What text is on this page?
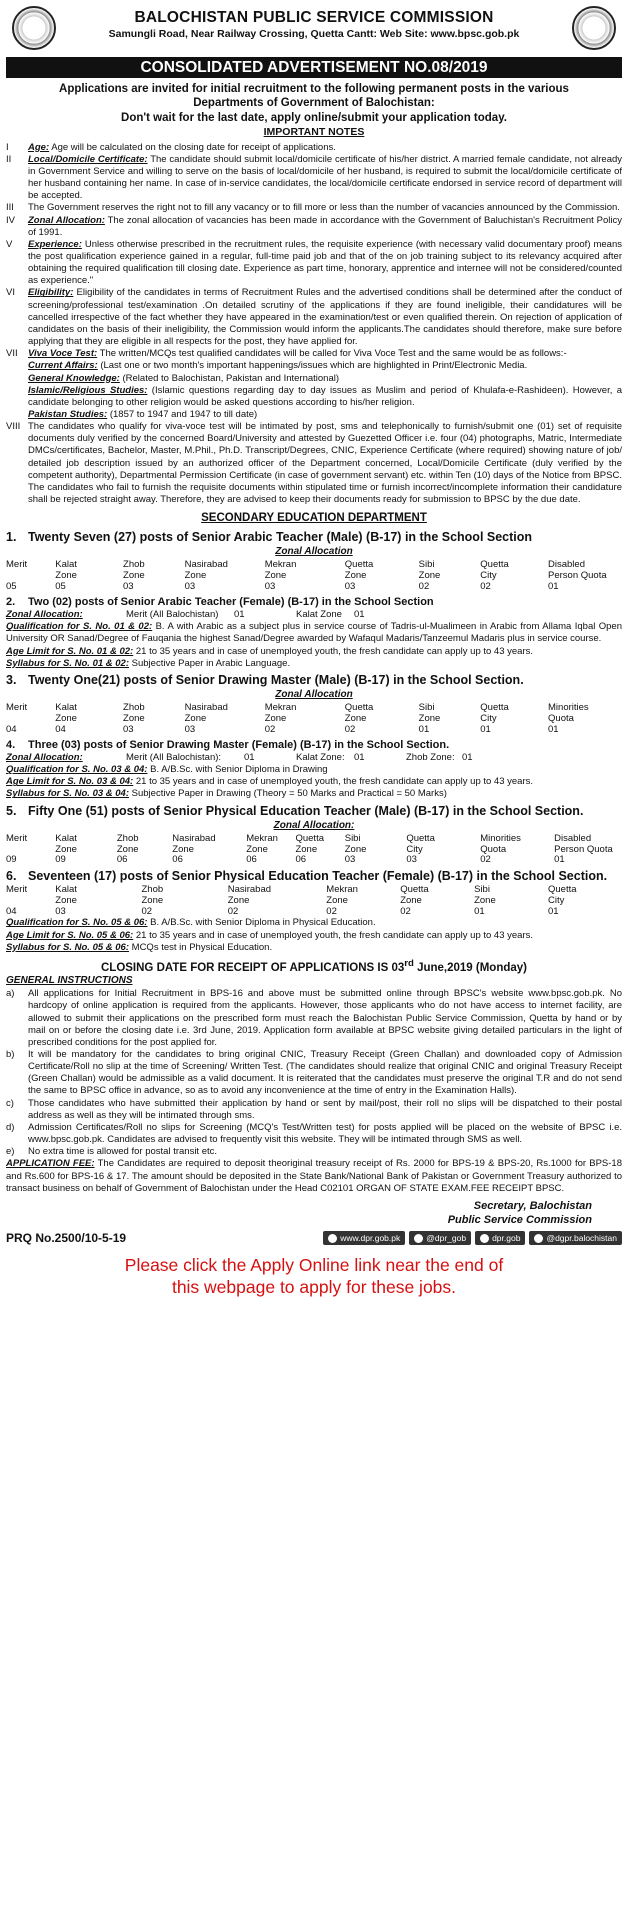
BALOCHISTAN PUBLIC SERVICE COMMISSION
Samungli Road, Near Railway Crossing, Quetta Cantt: Web Site: www.bpsc.gob.pk
CONSOLIDATED ADVERTISEMENT NO.08/2019
Applications are invited for initial recruitment to the following permanent posts in the various
Departments of Government of Balochistan:
Don't wait for the last date, apply online/submit your application today.
IMPORTANT NOTES
I	Age: Age will be calculated on the closing date for receipt of applications.
II	Local/Domicile Certificate: The candidate should submit local/domicile certificate of his/her district. A married female candidate, not already in Government Service and willing to serve on the basis of local/domicile of her husband, is required to submit the local/domicile certificate of her husband containing her name. In case of in-service candidates, the local/domicile certificate endorsed in service record of department will be accepted.
III	The Government reserves the right not to fill any vacancy or to fill more or less than the number of vacancies announced by the Commission.
IV	Zonal Allocation: The zonal allocation of vacancies has been made in accordance with the Government of Baluchistan's Recruitment Policy of 1991.
V	Experience: Unless otherwise prescribed in the recruitment rules, the requisite experience (with necessary valid documentary proof) means the post qualification experience gained in a regular, full-time paid job and that of the on job training subject to its relevancy acquired after obtaining the required qualification till closing date. Experience as part time, honorary, apprentice and internee will not be considered/counted as experience."
VI	Eligibility: Eligibility of the candidates in terms of Recruitment Rules and the advertised conditions shall be determined after the conduct of screening/professional test/examination .On detailed scrutiny of the applications if they are found ineligible, their candidatures will be cancelled irrespective of the fact whether they have appeared in the examination/test or even qualified therein. On rejection of application of candidates on the basis of their ineligibility, the Commission would inform the applicants.The candidates should therefore, make sure before applying that they are eligible in all respects for the post, they have applied for.
VII	Viva Voce Test: The written/MCQs test qualified candidates will be called for Viva Voce Test and the same would be as follows:-
Current Affairs: (Last one or two month's important happenings/issues which are highlighted in Print/Electronic Media.
General Knowledge: (Related to Balochistan, Pakistan and International)
Islamic/Religious Studies: (Islamic questions regarding day to day issues as Muslim and period of Khulafa-e-Rashideen). However, a candidate belonging to other religion would be asked questions according to his/her religion.
Pakistan Studies: (1857 to 1947 and 1947 to till date)
VIII The candidates who qualify for viva-voce test will be intimated by post, sms and telephonically to furnish/submit one (01) set of requisite documents duly verified by the concerned Board/University and attested by Guezetted Officer i.e. four (04) photographs, Matric, Intermediate DMCs/certificates, Bachelor, Master, M.Phil., Ph.D. Transcript/Degrees, CNIC, Experience Certificate (where required) showing nature of job/ detailed job description issued by an authorized officer of the Department concerned, Local/Domicile Certificate (duly verified by the competent authority), Departmental Permission Certificate (in case of government servant) etc. within Ten (10) days of the Notice from BPSC. The candidates who fail to furnish the requisite documents within stipulated time or furnish incorrect/incomplete information their candidature shall be rejected straight away. Therefore, they are advised to keep their documents ready for submission to BPSC by the due date.
SECONDARY EDUCATION DEPARTMENT
1. Twenty Seven (27) posts of Senior Arabic Teacher (Male) (B-17) in the School Section
Zonal Allocation
Merit	Kalat	Zhob	Nasirabad	Mekran	Quetta	Sibi	Quetta	Disabled
	Zone	Zone	Zone	Zone	Zone	Zone	City	Person Quota
05	05	03	03	03	03	02	02	01
2.	Two (02) posts of Senior Arabic Teacher (Female) (B-17) in the School Section
Zonal Allocation:	Merit (All Balochistan)	01	Kalat Zone	01
Qualification for S. No. 01 & 02: B. A with Arabic as a subject plus in service course of Tadris-ul-Mualimeen in Arabic from Allama Iqbal Open University OR Sanad/Degree of Fauqania the highest Sanad/Degree awarded by Wafaqul Madaris/Tanzeemul Madaris plus in service course.
Age Limit for S. No. 01 & 02: 21 to 35 years and in case of unemployed youth, the fresh candidate can apply up to 43 years.
Syllabus for S. No. 01 & 02: Subjective Paper in Arabic Language.
3. Twenty One(21) posts of Senior Drawing Master (Male) (B-17) in the School Section.
Zonal Allocation
Merit	Kalat	Zhob	Nasirabad	Mekran	Quetta	Sibi	Quetta	Minorities
	Zone	Zone	Zone	Zone	Zone	Zone	City	Quota
04	04	03	03	02	02	01	01	01
4.	Three (03) posts of Senior Drawing Master (Female) (B-17) in the School Section.
Zonal Allocation:	Merit (All Balochistan):	01	Kalat Zone: 01	Zhob Zone: 01
Qualification for S. No. 03 & 04: B. A/B.Sc. with Senior Diploma in Drawing
Age Limit for S. No. 03 & 04: 21 to 35 years and in case of unemployed youth, the fresh candidate can apply up to 43 years.
Syllabus for S. No. 03 & 04: Subjective Paper in Drawing (Theory = 50 Marks and Practical = 50 Marks)
5. Fifty One (51) posts of Senior Physical Education Teacher (Male) (B-17) in the School Section.
Zonal Allocation:
Merit	Kalat	Zhob	Nasirabad	Mekran	Quetta	Sibi	Quetta	Minorities	Disabled
	Zone	Zone	Zone	Zone	Zone	Zone	City	Quota	Person Quota
09	09	06	06	06	06	03	03	02	01
6. Seventeen (17) posts of Senior Physical Education Teacher (Female) (B-17) in the School Section.
Merit	Kalat	Zhob	Nasirabad	Mekran	Quetta	Sibi	Quetta
	Zone	Zone	Zone	Zone	Zone	Zone	City
04	03	02	02	02	02	01	01
Qualification for S. No. 05 & 06: B. A/B.Sc. with Senior Diploma in Physical Education.
Age Limit for S. No. 05 & 06: 21 to 35 years and in case of unemployed youth, the fresh candidate can apply up to 43 years.
Syllabus for S. No. 05 & 06: MCQs test in Physical Education.
CLOSING DATE FOR RECEIPT OF APPLICATIONS IS 03rd June,2019 (Monday)
GENERAL INSTRUCTIONS
a)	All applications for Initial Recruitment in BPS-16 and above must be submitted online through BPSC's website www.bpsc.gob.pk. No hardcopy of online application is required from the applicants. However, those applicants who do not have access to internet facility, are allowed to submit their applications on the prescribed form must reach the Balochistan Public Service Commission, Quetta by hand or by mail on or before the closing date i.e. 3rd June, 2019. Application form available at BPSC website giving detailed particulars in the light of prescribed conditions for the post applied for.
b)	It will be mandatory for the candidates to bring original CNIC, Treasury Receipt (Green Challan) and downloaded copy of Admission Certificate/Roll no slip at the time of Screening/ Written Test. (The candidates should realize that original CNIC and original Treasury Receipt (Green Challan) would be admissible as a valid document. It is reiterated that the candidates must preserve the original T.R and do not send the same to BPSC office in advance, so as to avoid any inconvenience at the time of entry in the Examination Halls).
c)	Those candidates who have submitted their application by hand or sent by mail/post, their roll no slips will be dispatched to their postal address as well as they will be intimated through sms.
d)	Admission Certificates/Roll no slips for Screening (MCQ's Test/Written test) for posts applied will be placed on the website of BPSC i.e. www.bpsc.gob.pk. Candidates are advised to frequently visit this website. They will be intimated through SMS as well.
e)	No extra time is allowed for postal transit etc.
APPLICATION FEE: The Candidates are required to deposit theoriginal treasury receipt of Rs. 2000 for BPS-19 & BPS-20, Rs.1000 for BPS-18 and Rs.600 for BPS-16 & 17. The amount should be deposited in the State Bank/National Bank of Pakistan or Government Treasury authorized to transact business on behalf of Government of Balochistan under the Head C02101 ORGAN OF STATE EXAM.FEE RECEIPT BPSC.
Secretary, Balochistan
Public Service Commission
PRQ No.2500/10-5-19	www.dpr.gob.pk	@dpr_gob	dpr.gob	@dgpr.balochistan
Please click the Apply Online link near the end of
this webpage to apply for these jobs.
